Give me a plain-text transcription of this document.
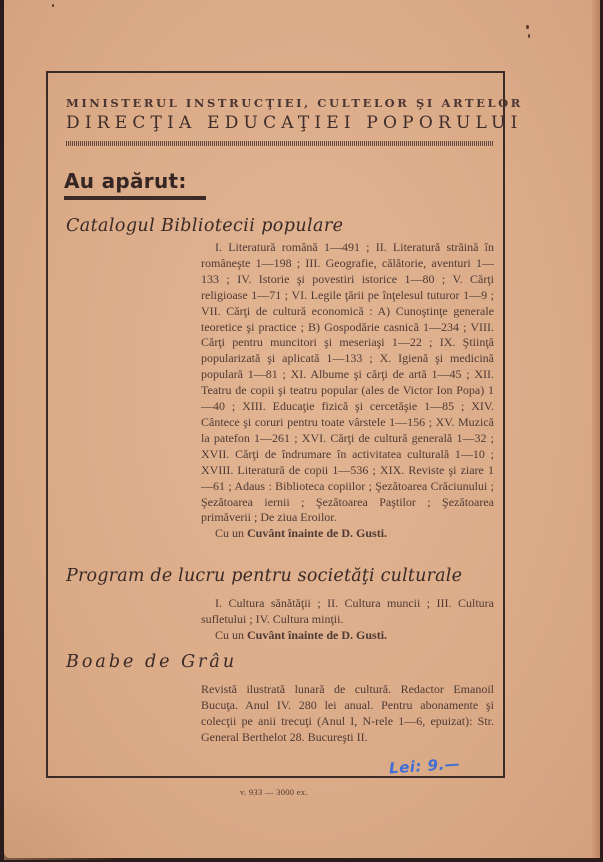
MINISTERUL INSTRUCŢIEI, CULTELOR ŞI ARTELOR
DIRECŢIA EDUCAŢIEI POPORULUI
Au apărut:
Catalogul Bibliotecii populare
I. Literatură română 1—491 ; II. Literatură străină în româneşte 1—198 ; III. Geografie, călătorie, aventuri 1—133 ; IV. Istorie şi povestiri istorice 1—80 ; V. Cărţi religioase 1—71 ; VI. Legile ţării pe înţelesul tuturor 1—9 ; VII. Cărţi de cultură economică : A) Cunoştinţe generale teoretice şi practice ; B) Gospodărie casnică 1—234 ; VIII. Cărţi pentru muncitori şi meseriaşi 1—22 ; IX. Ştiinţă popularizată şi aplicată 1—133 ; X. Igienă şi medicină populară 1—81 ; XI. Albume şi cărţi de artă 1—45 ; XII. Teatru de copii şi teatru popular (ales de Victor Ion Popa) 1—40 ; XIII. Educaţie fizică şi cercetăşie 1—85 ; XIV. Cântece şi coruri pentru toate vârstele 1—156 ; XV. Muzică la patefon 1—261 ; XVI. Cărţi de cultură generală 1—32 ; XVII. Cărţi de îndrumare în activitatea culturală 1—10 ; XVIII. Literatură de copii 1—536 ; XIX. Reviste şi ziare 1—61 ; Adaus : Biblioteca copiilor ; Şezătoarea Crăciunului ; Şezătoarea iernii ; Şezătoarea Paştilor ; Şezătoarea primăverii ; De ziua Eroilor.
Cu un Cuvânt înainte de D. Gusti.
Program de lucru pentru societăţi culturale
I. Cultura sănătăţii ; II. Cultura muncii ; III. Cultura sufletului ; IV. Cultura minţii.
Cu un Cuvânt înainte de D. Gusti.
Boabe de Grâu
Revistă ilustrată lunară de cultură. Redactor Emanoil Bucuţa. Anul IV. 280 lei anual. Pentru abonamente şi colecţii pe anii trecuţi (Anul I, N-rele 1—6, epuizat): Str. General Berthelot 28. Bucureşti II.
Lei: 9.—
v. 933 — 3000 ex.
